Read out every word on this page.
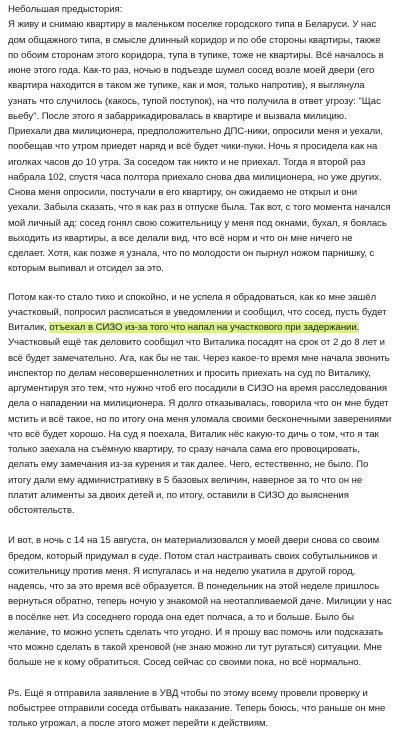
Небольшая предыстория:

Я живу и снимаю квартиру в маленьком поселке городского типа в Беларуси. У нас дом общажного типа, в смысле длинный коридор и по обе стороны квартиры, также по обоим сторонам этого коридора, тупа в тупике, тоже не квартиры. Всё началось в июне этого года. Как-то раз, ночью в подъезде шумел сосед возле моей двери (его квартира находится в таком же тупике, как и моя, только напротив), я выглянула узнать что случилось (какось, тупой поступок), на что получила в ответ угрозу: "Щас вьебу". После этого я забаррикадировалась в квартире и вызвала милицию. Приехали два милиционера, предположительно ДПС-ники, опросили меня и уехали, пообещав что утром приедет наряд и всё будет чики-пуки. Ночь я просидела как на иголках часов до 10 утра. За соседом так никто и не приехал. Тогда я второй раз набрала 102, спустя часа полтора приехало снова два милиционера, но уже других. Снова меня опросили, постучали в его квартиру, он ожидаемо не открыл и они уехали. Забыла сказать, что я как раз в отпуске была. Так вот, с того момента начался мой личный ад: сосед гонял свою сожительницу у меня под окнами, бухал, я боялась выходить из квартиры, а все делали вид, что всё норм и что он мне ничего не сделает. Хотя, как позже я узнала, что по молодости он пырнул ножом парнишку, с которым выпивал и отсидел за это.

Потом как-то стало тихо и спокойно, и не успела я обрадоваться, как ко мне зашёл участковый, попросил расписаться в уведомлении и сообщил, что сосед, пусть будет Виталик, отъехал в СИЗО из-за того что напал на участкового при задержании. Участковый ещё так деловито сообщил что Виталика посадят на срок от 2 до 8 лет и всё будет замечательно. Ага, как бы не так. Через какое-то время мне начала звонить инспектор по делам несовершеннолетних и просить приехать на суд по Виталику, аргументируя это тем, что нужно чтоб его посадили в СИЗО на время расследования дела о нападении на милиционера. Я долго отказывалась, говорила что он мне будет мстить и всё такое, но по итогу она меня уломала своими бесконечными заверениями что всё будет хорошо. На суд я поехала, Виталик нёс какую-то дичь о том, что я так только заехала на съёмную квартиру, то сразу начала сама его провоцировать, делать ему замечания из-за курения и так далее. Чего, естественно, не было. По итогу дали ему административку в 5 базовых величин, наверное за то что он не платит алименты за двоих детей и, по итогу, оставили в СИЗО до выяснения обстоятельств.

И вот, в ночь с 14 на 15 августа, он материализовался у моей двери снова со своим бредом, который придумал в суде. Потом стал настраивать своих собутыльников и сожительницу против меня. Я испугалась и на неделю укатила в другой город, надеясь, что за это время всё образуется. В понедельник на этой неделе пришлось вернуться обратно, теперь ночую у знакомой на неотапливаемой даче. Милиции у нас в посёлке нет. Из соседнего города она едет полчаса, а то и больше. Было бы желание, то можно успеть сделать что угодно. И я прошу вас помочь или подсказать что можно сделать в такой хреновой (не знаю можно ли тут ругаться) ситуации. Мне больше не к кому обратиться. Сосед сейчас со своими пока, но всё нормально.

Ps. Ещё я отправила заявление в УВД чтобы по этому всему провели проверку и побыстрее отправили соседа отбывать наказание. Теперь боюсь, что раньше он мне только угрожал, а после этого может перейти к действиям.
